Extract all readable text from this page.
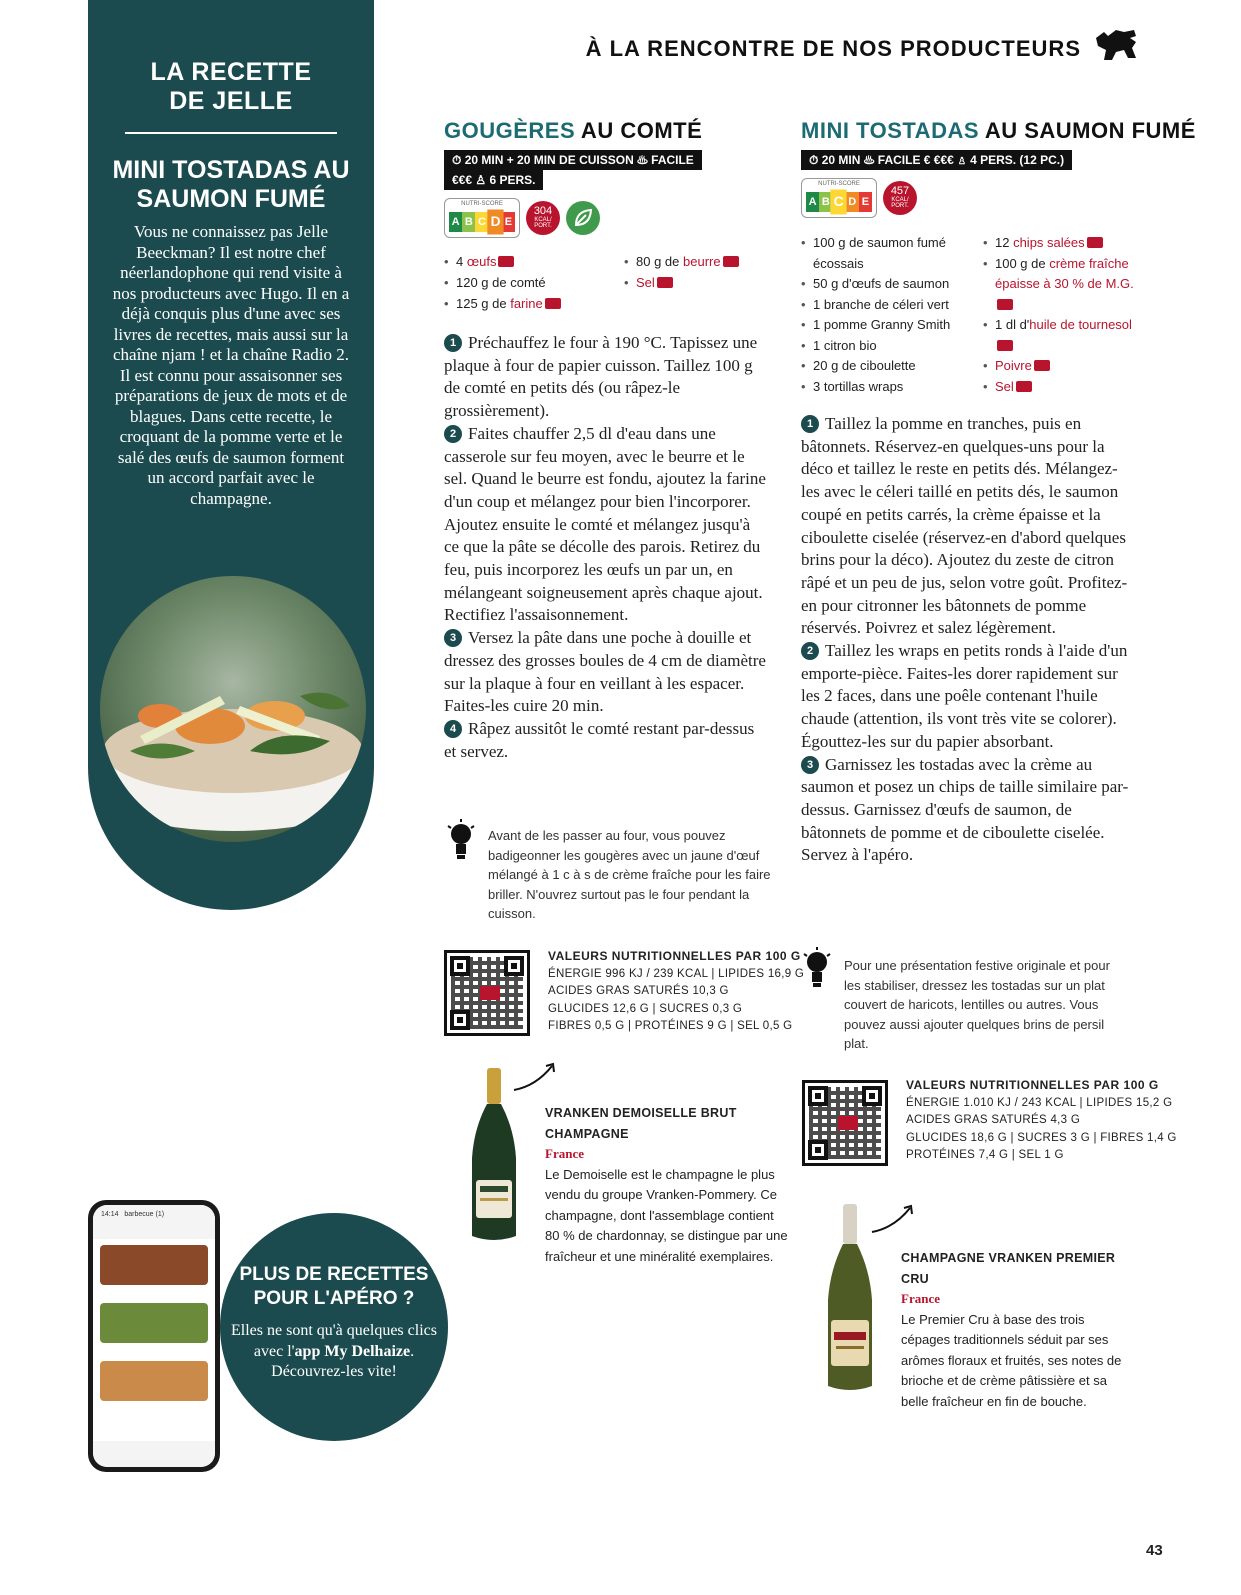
LA RECETTE
DE JELLE
MINI TOSTADAS AU
SAUMON FUMÉ
Vous ne connaissez pas Jelle Beeckman? Il est notre chef néerlandophone qui rend visite à nos producteurs avec Hugo. Il en a déjà conquis plus d'une avec ses livres de recettes, mais aussi sur la chaîne njam ! et la chaîne Radio 2. Il est connu pour assaisonner ses préparations de jeux de mots et de blagues. Dans cette recette, le croquant de la pomme verte et le salé des œufs de saumon forment un accord parfait avec le champagne.
À LA RENCONTRE DE NOS PRODUCTEURS
GOUGÈRES AU COMTÉ
⏱ 20 MIN + 20 MIN DE CUISSON ♨ FACILE
€€€ ♙ 6 PERS.
NUTRI-SCORE
A B C D E
304
KCAL/ PORT.
• 4 œufs
• 120 g de comté
• 125 g de farine
• 80 g de beurre
• Sel
1 Préchauffez le four à 190 °C. Tapissez une plaque à four de papier cuisson. Taillez 100 g de comté en petits dés (ou râpez-le grossièrement).
2 Faites chauffer 2,5 dl d'eau dans une casserole sur feu moyen, avec le beurre et le sel. Quand le beurre est fondu, ajoutez la farine d'un coup et mélangez pour bien l'incorporer. Ajoutez ensuite le comté et mélangez jusqu'à ce que la pâte se décolle des parois. Retirez du feu, puis incorporez les œufs un par un, en mélangeant soigneusement après chaque ajout. Rectifiez l'assaisonnement.
3 Versez la pâte dans une poche à douille et dressez des grosses boules de 4 cm de diamètre sur la plaque à four en veillant à les espacer. Faites-les cuire 20 min.
4 Râpez aussitôt le comté restant par-dessus et servez.
Avant de les passer au four, vous pouvez badigeonner les gougères avec un jaune d'œuf mélangé à 1 c à s de crème fraîche pour les faire briller. N'ouvrez surtout pas le four pendant la cuisson.
VALEURS NUTRITIONNELLES PAR 100 G
ÉNERGIE 996 KJ / 239 KCAL | LIPIDES 16,9 G
ACIDES GRAS SATURÉS 10,3 G
GLUCIDES 12,6 G | SUCRES 0,3 G
FIBRES 0,5 G | PROTÉINES 9 G | SEL 0,5 G
VRANKEN DEMOISELLE BRUT CHAMPAGNE
France
Le Demoiselle est le champagne le plus vendu du groupe Vranken-Pommery. Ce champagne, dont l'assemblage contient 80 % de chardonnay, se distingue par une fraîcheur et une minéralité exemplaires.
MINI TOSTADAS AU SAUMON FUMÉ
⏱ 20 MIN ♨ FACILE € €€€ ♙ 4 PERS. (12 PC.)
NUTRI-SCORE
A B C D E
457
KCAL/ PORT.
• 100 g de saumon fumé écossais
• 50 g d'œufs de saumon
• 1 branche de céleri vert
• 1 pomme Granny Smith
• 1 citron bio
• 20 g de ciboulette
• 3 tortillas wraps
• 12 chips salées
• 100 g de crème fraîche épaisse à 30 % de M.G.
• 1 dl d'huile de tournesol
• Poivre
• Sel
1 Taillez la pomme en tranches, puis en bâtonnets. Réservez-en quelques-uns pour la déco et taillez le reste en petits dés. Mélangez-les avec le céleri taillé en petits dés, le saumon coupé en petits carrés, la crème épaisse et la ciboulette ciselée (réservez-en d'abord quelques brins pour la déco). Ajoutez du zeste de citron râpé et un peu de jus, selon votre goût. Profitez-en pour citronner les bâtonnets de pomme réservés. Poivrez et salez légèrement.
2 Taillez les wraps en petits ronds à l'aide d'un emporte-pièce. Faites-les dorer rapidement sur les 2 faces, dans une poêle contenant l'huile chaude (attention, ils vont très vite se colorer). Égouttez-les sur du papier absorbant.
3 Garnissez les tostadas avec la crème au saumon et posez un chips de taille similaire par-dessus. Garnissez d'œufs de saumon, de bâtonnets de pomme et de ciboulette ciselée. Servez à l'apéro.
Pour une présentation festive originale et pour les stabiliser, dressez les tostadas sur un plat couvert de haricots, lentilles ou autres. Vous pouvez aussi ajouter quelques brins de persil plat.
VALEURS NUTRITIONNELLES PAR 100 G
ÉNERGIE 1.010 KJ / 243 KCAL | LIPIDES 15,2 G
ACIDES GRAS SATURÉS 4,3 G
GLUCIDES 18,6 G | SUCRES 3 G | FIBRES 1,4 G
PROTÉINES 7,4 G | SEL 1 G
CHAMPAGNE VRANKEN PREMIER CRU
France
Le Premier Cru à base des trois cépages traditionnels séduit par ses arômes floraux et fruités, ses notes de brioche et de crème pâtissière et sa belle fraîcheur en fin de bouche.
14:14 barbecue (1)

PLUS DE RECETTES POUR L'APÉRO ?
Elles ne sont qu'à quelques clics avec l'app My Delhaize. Découvrez-les vite!
43
